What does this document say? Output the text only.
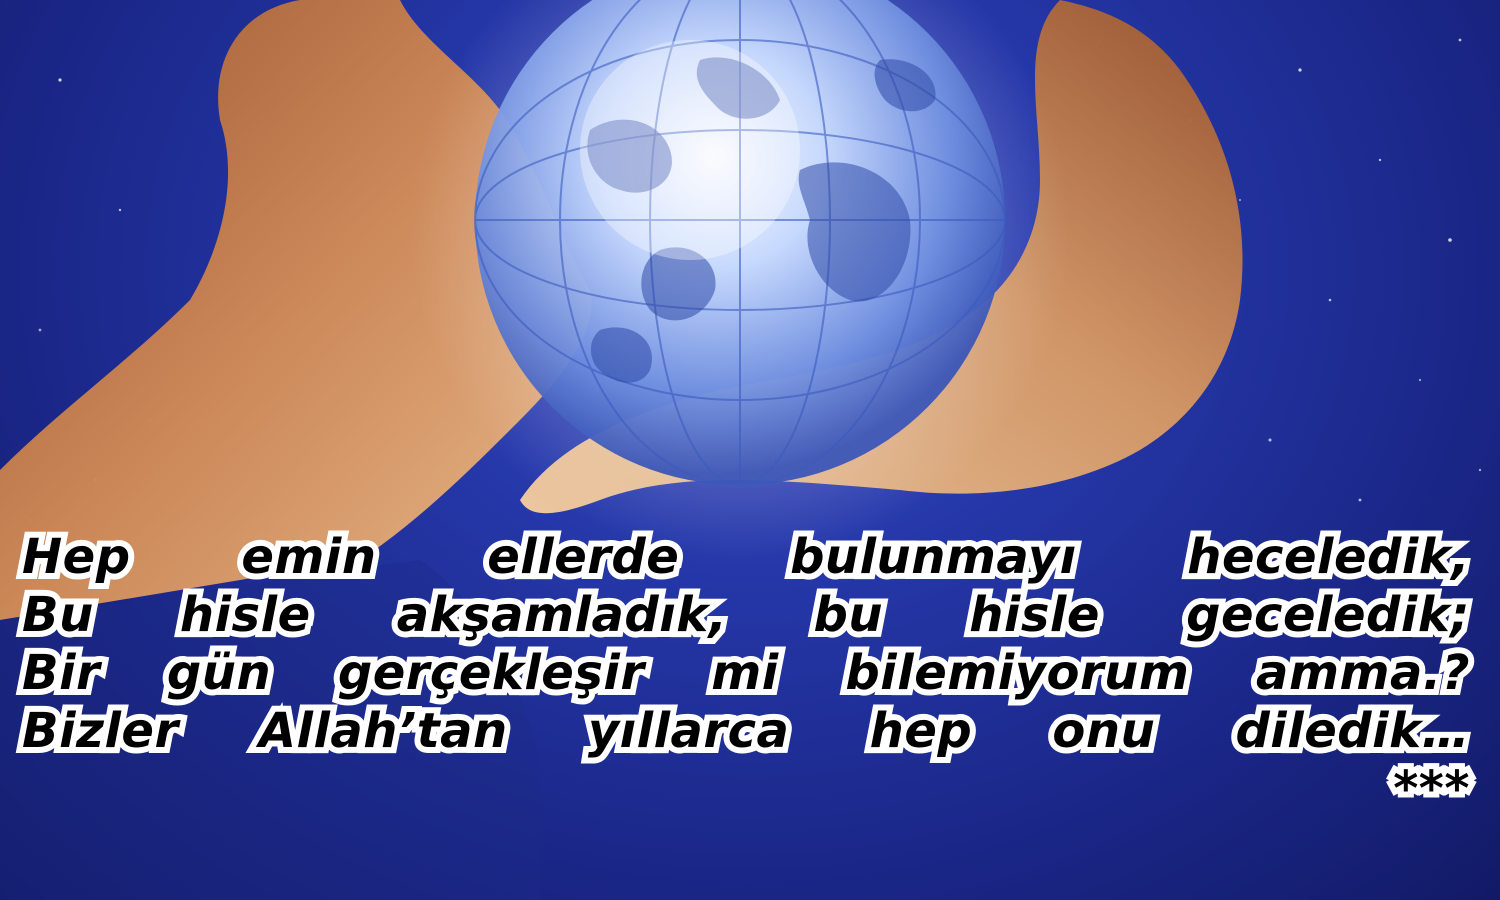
Hep emin ellerde bulunmayı heceledik,
Bu hisle akşamladık, bu hisle geceledik;
Bir gün gerçekleşir mi bilemiyorum amma.?
Bizler Allah’tan yıllarca hep onu diledik…
***
